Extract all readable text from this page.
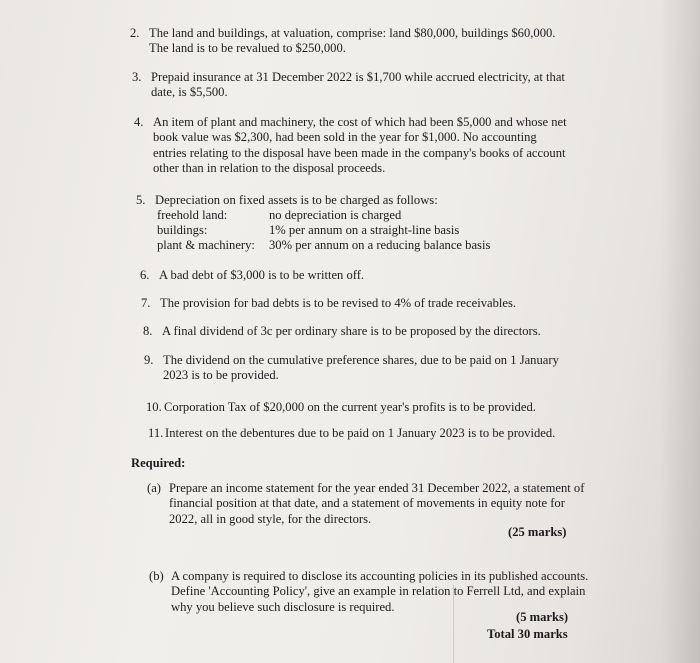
2. The land and buildings, at valuation, comprise: land $80,000, buildings $60,000.
The land is to be revalued to $250,000.
3. Prepaid insurance at 31 December 2022 is $1,700 while accrued electricity, at that
date, is $5,500.
4. An item of plant and machinery, the cost of which had been $5,000 and whose net
book value was $2,300, had been sold in the year for $1,000. No accounting
entries relating to the disposal have been made in the company's books of account
other than in relation to the disposal proceeds.
5. Depreciation on fixed assets is to be charged as follows:
freehold land:	no depreciation is charged
buildings:	1% per annum on a straight-line basis
plant & machinery: 30% per annum on a reducing balance basis
6. A bad debt of $3,000 is to be written off.
7. The provision for bad debts is to be revised to 4% of trade receivables.
8. A final dividend of 3c per ordinary share is to be proposed by the directors.
9. The dividend on the cumulative preference shares, due to be paid on 1 January
2023 is to be provided.
10. Corporation Tax of $20,000 on the current year's profits is to be provided.
11. Interest on the debentures due to be paid on 1 January 2023 is to be provided.
Required:
(a) Prepare an income statement for the year ended 31 December 2022, a statement of
financial position at that date, and a statement of movements in equity note for
2022, all in good style, for the directors.
(25 marks)
(b) A company is required to disclose its accounting policies in its published accounts.
Define 'Accounting Policy', give an example in relation to Ferrell Ltd, and explain
why you believe such disclosure is required.
(5 marks)
Total 30 marks
